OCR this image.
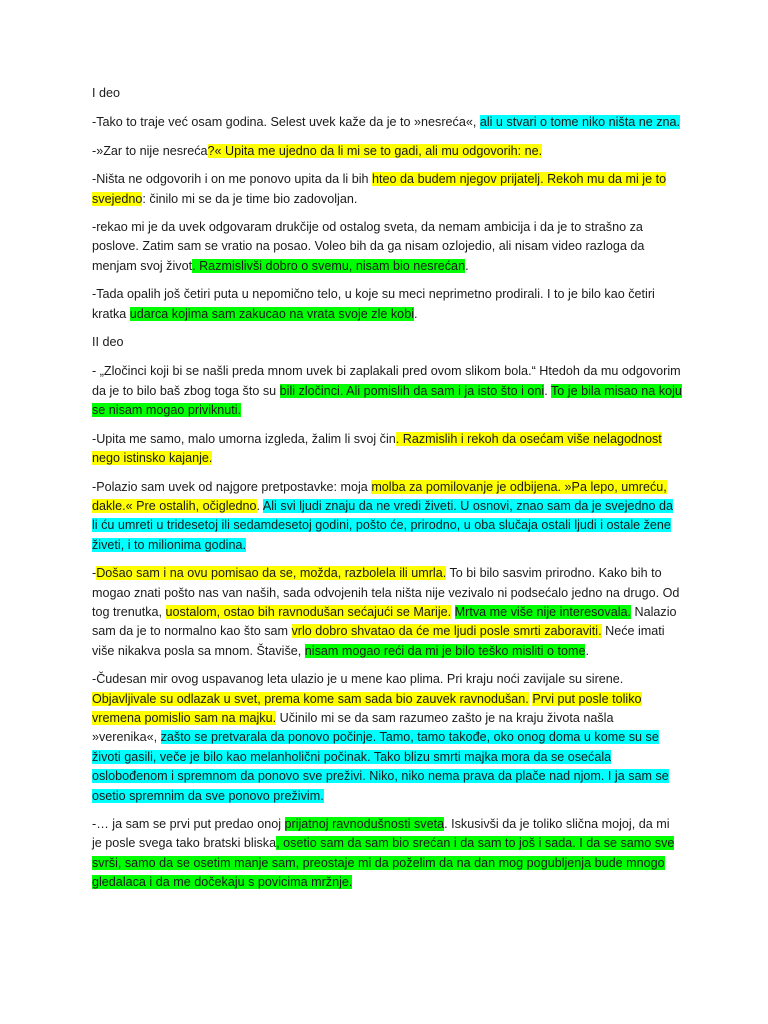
I deo

-Tako to traje već osam godina. Selest uvek kaže da je to »nesreća«, ali u stvari o tome niko ništa ne zna.

-»Zar to nije nesreća?« Upita me ujedno da li mi se to gadi, ali mu odgovorih: ne.

-Ništa ne odgovorih i on me ponovo upita da li bih hteo da budem njegov prijatelj. Rekoh mu da mi je to svejedno: činilo mi se da je time bio zadovoljan.

-rekao mi je da uvek odgovaram drukčije od ostalog sveta, da nemam ambicija i da je to strašno za poslove. Zatim sam se vratio na posao. Voleo bih da ga nisam ozlojedio, ali nisam video razloga da menjam svoj život. Razmislivši dobro o svemu, nisam bio nesrećan.

-Tada opalih još četiri puta u nepomično telo, u koje su meci neprimetno prodirali. I to je bilo kao četiri kratka udarca kojima sam zakucao na vrata svoje zle kobi.

II deo

- „Zločinci koji bi se našli preda mnom uvek bi zaplakali pred ovom slikom bola.“ Htedoh da mu odgovorim da je to bilo baš zbog toga što su bili zločinci. Ali pomislih da sam i ja isto što i oni. To je bila misao na koju se nisam mogao priviknuti.

-Upita me samo, malo umorna izgleda, žalim li svoj čin. Razmislih i rekoh da osećam više nelagodnost nego istinsko kajanje.

-Polazio sam uvek od najgore pretpostavke: moja molba za pomilovanje je odbijena. »Pa lepo, umreću, dakle.« Pre ostalih, očigledno. Ali svi ljudi znaju da ne vredi živeti. U osnovi, znao sam da je svejedno da li ću umreti u tridesetoj ili sedamdesetoj godini, pošto će, prirodno, u oba slučaja ostali ljudi i ostale žene živeti, i to milionima godina.

-Došao sam i na ovu pomisao da se, možda, razbolela ili umrla. To bi bilo sasvim prirodno. Kako bih to mogao znati pošto nas van naših, sada odvojenih tela ništa nije vezivalo ni podsećalo jedno na drugo. Od tog trenutka, uostalom, ostao bih ravnodušan sećajući se Marije. Mrtva me više nije interesovala. Nalazio sam da je to normalno kao što sam vrlo dobro shvatao da će me ljudi posle smrti zaboraviti. Neće imati više nikakva posla sa mnom. Štaviše, nisam mogao reći da mi je bilo teško misliti o tome.

-Čudesan mir ovog uspavanog leta ulazio je u mene kao plima. Pri kraju noći zavijale su sirene. Objavljivale su odlazak u svet, prema kome sam sada bio zauvek ravnodušan. Prvi put posle toliko vremena pomislio sam na majku. Učinilo mi se da sam razumeo zašto je na kraju života našla »verenika«, zašto se pretvarala da ponovo počinje. Tamo, tamo takođe, oko onog doma u kome su se životi gasili, veče je bilo kao melanholični počinak. Tako blizu smrti majka mora da se osećala oslobođenom i spremnom da ponovo sve preživi. Niko, niko nema prava da plače nad njom. I ja sam se osetio spremnim da sve ponovo preživim.

-… ja sam se prvi put predao onoj prijatnoj ravnodušnosti sveta. Iskusivši da je toliko slična mojoj, da mi je posle svega tako bratski bliska, osetio sam da sam bio srećan i da sam to još i sada. I da se samo sve svrši, samo da se osetim manje sam, preostaje mi da poželim da na dan mog pogubljenja bude mnogo gledalaca i da me dočekaju s povicima mržnje.
